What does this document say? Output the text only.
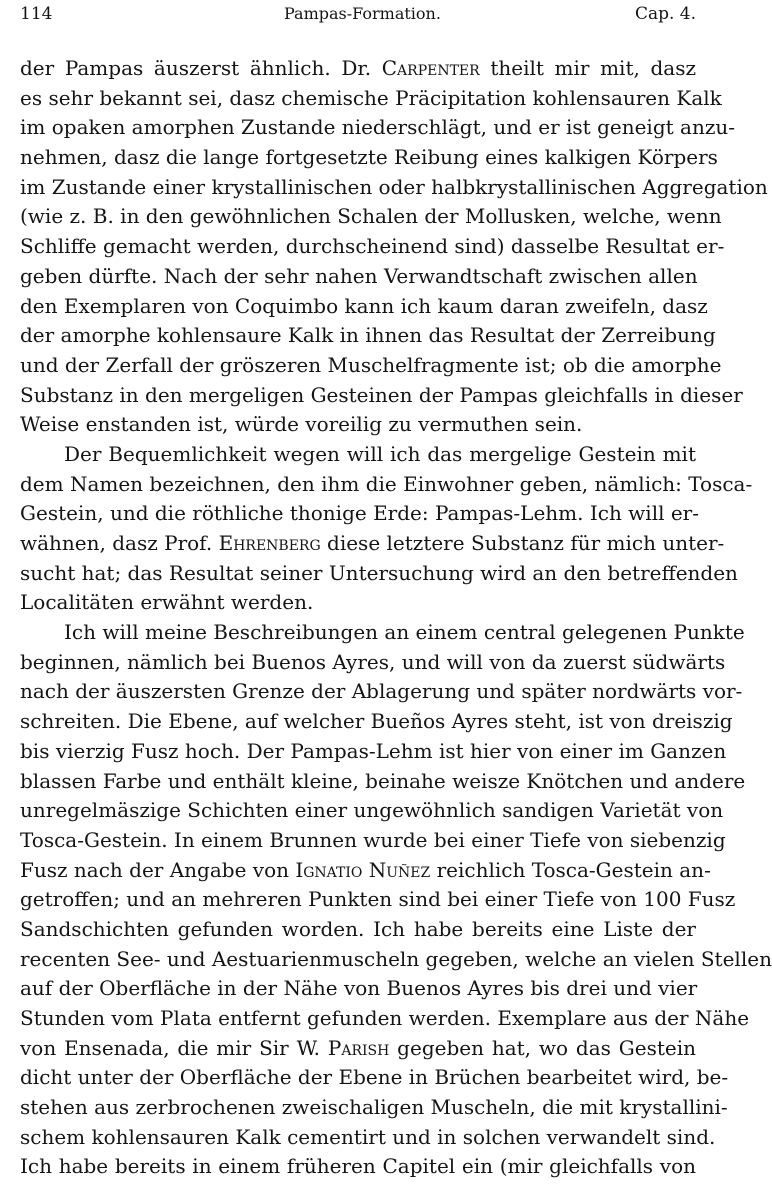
114	Pampas-Formation.	Cap. 4.
der Pampas äuszerst ähnlich. Dr. Carpenter theilt mir mit, dasz
es sehr bekannt sei, dasz chemische Präcipitation kohlensauren Kalk
im opaken amorphen Zustande niederschlägt, und er ist geneigt anzu-
nehmen, dasz die lange fortgesetzte Reibung eines kalkigen Körpers
im Zustande einer krystallinischen oder halbkrystallinischen Aggregation
(wie z. B. in den gewöhnlichen Schalen der Mollusken, welche, wenn
Schliffe gemacht werden, durchscheinend sind) dasselbe Resultat er-
geben dürfte. Nach der sehr nahen Verwandtschaft zwischen allen
den Exemplaren von Coquimbo kann ich kaum daran zweifeln, dasz
der amorphe kohlensaure Kalk in ihnen das Resultat der Zerreibung
und der Zerfall der gröszeren Muschelfragmente ist; ob die amorphe
Substanz in den mergeligen Gesteinen der Pampas gleichfalls in dieser
Weise enstanden ist, würde voreilig zu vermuthen sein.
Der Bequemlichkeit wegen will ich das mergelige Gestein mit
dem Namen bezeichnen, den ihm die Einwohner geben, nämlich: Tosca-
Gestein, und die röthliche thonige Erde: Pampas-Lehm. Ich will er-
wähnen, dasz Prof. Ehrenberg diese letztere Substanz für mich unter-
sucht hat; das Resultat seiner Untersuchung wird an den betreffenden
Localitäten erwähnt werden.
Ich will meine Beschreibungen an einem central gelegenen Punkte
beginnen, nämlich bei Buenos Ayres, und will von da zuerst südwärts
nach der äuszersten Grenze der Ablagerung und später nordwärts vor-
schreiten. Die Ebene, auf welcher Bueños Ayres steht, ist von dreiszig
bis vierzig Fusz hoch. Der Pampas-Lehm ist hier von einer im Ganzen
blassen Farbe und enthält kleine, beinahe weisze Knötchen und andere
unregelmäszige Schichten einer ungewöhnlich sandigen Varietät von
Tosca-Gestein. In einem Brunnen wurde bei einer Tiefe von siebenzig
Fusz nach der Angabe von Ignatio Nuñez reichlich Tosca-Gestein an-
getroffen; und an mehreren Punkten sind bei einer Tiefe von 100 Fusz
Sandschichten gefunden worden. Ich habe bereits eine Liste der
recenten See- und Aestuarienmuscheln gegeben, welche an vielen Stellen
auf der Oberfläche in der Nähe von Buenos Ayres bis drei und vier
Stunden vom Plata entfernt gefunden werden. Exemplare aus der Nähe
von Ensenada, die mir Sir W. Parish gegeben hat, wo das Gestein
dicht unter der Oberfläche der Ebene in Brüchen bearbeitet wird, be-
stehen aus zerbrochenen zweischaligen Muscheln, die mit krystallini-
schem kohlensauren Kalk cementirt und in solchen verwandelt sind.
Ich habe bereits in einem früheren Capitel ein (mir gleichfalls von
